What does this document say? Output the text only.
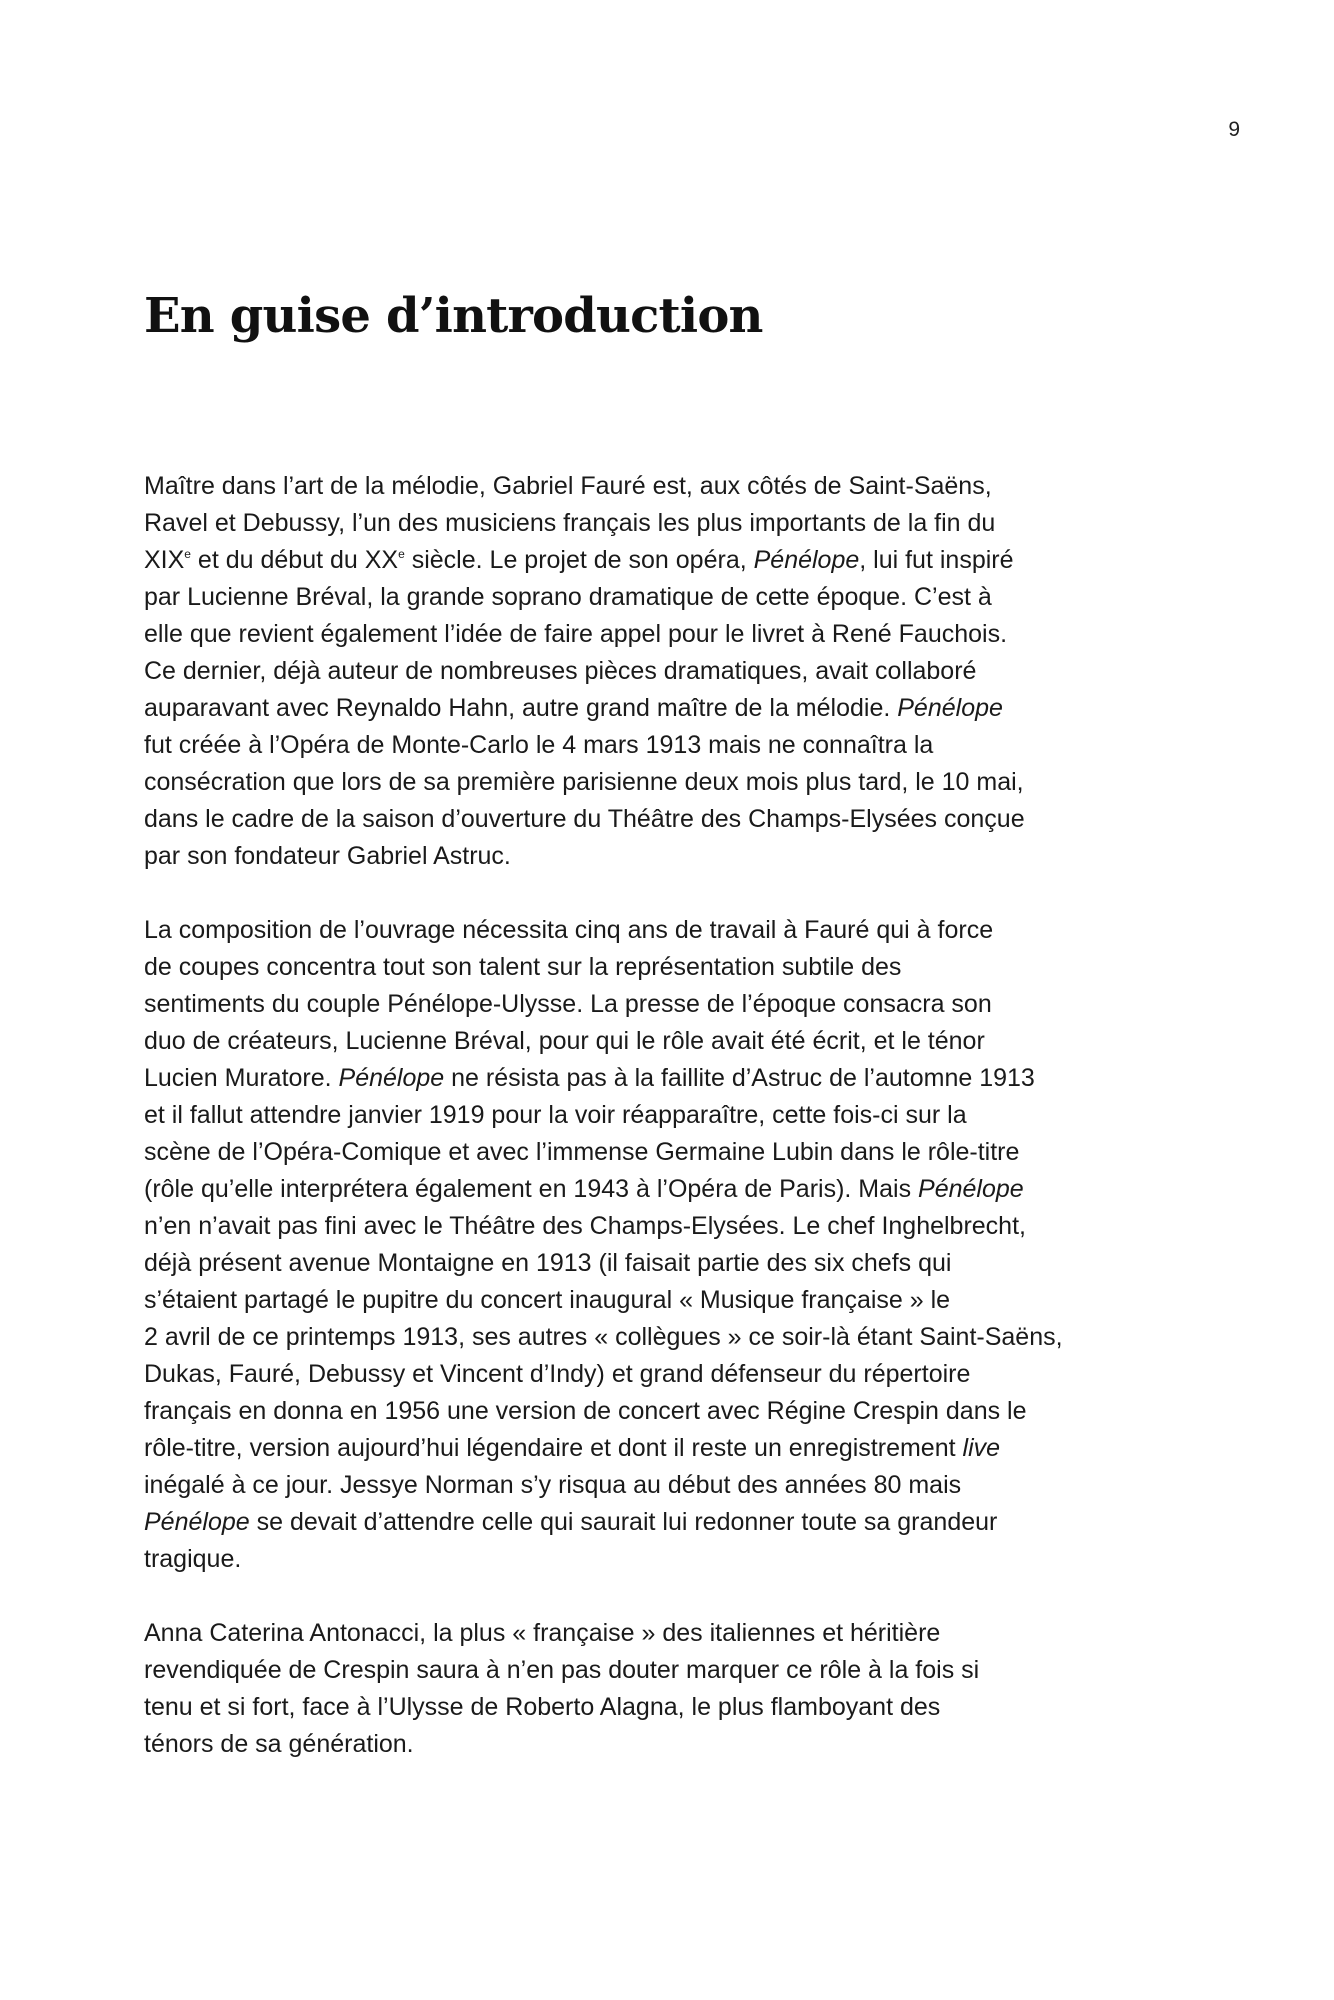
9
En guise d’introduction

Maître dans l’art de la mélodie, Gabriel Fauré est, aux côtés de Saint-Saëns,
Ravel et Debussy, l’un des musiciens français les plus importants de la fin du
XIXe et du début du XXe siècle. Le projet de son opéra, Pénélope, lui fut inspiré
par Lucienne Bréval, la grande soprano dramatique de cette époque. C’est à
elle que revient également l’idée de faire appel pour le livret à René Fauchois.
Ce dernier, déjà auteur de nombreuses pièces dramatiques, avait collaboré
auparavant avec Reynaldo Hahn, autre grand maître de la mélodie. Pénélope
fut créée à l’Opéra de Monte-Carlo le 4 mars 1913 mais ne connaîtra la
consécration que lors de sa première parisienne deux mois plus tard, le 10 mai,
dans le cadre de la saison d’ouverture du Théâtre des Champs-Elysées conçue
par son fondateur Gabriel Astruc.

La composition de l’ouvrage nécessita cinq ans de travail à Fauré qui à force
de coupes concentra tout son talent sur la représentation subtile des
sentiments du couple Pénélope-Ulysse. La presse de l’époque consacra son
duo de créateurs, Lucienne Bréval, pour qui le rôle avait été écrit, et le ténor
Lucien Muratore. Pénélope ne résista pas à la faillite d’Astruc de l’automne 1913
et il fallut attendre janvier 1919 pour la voir réapparaître, cette fois-ci sur la
scène de l’Opéra-Comique et avec l’immense Germaine Lubin dans le rôle-titre
(rôle qu’elle interprétera également en 1943 à l’Opéra de Paris). Mais Pénélope
n’en n’avait pas fini avec le Théâtre des Champs-Elysées. Le chef Inghelbrecht,
déjà présent avenue Montaigne en 1913 (il faisait partie des six chefs qui
s’étaient partagé le pupitre du concert inaugural « Musique française » le
2 avril de ce printemps 1913, ses autres « collègues » ce soir-là étant Saint-Saëns,
Dukas, Fauré, Debussy et Vincent d’Indy) et grand défenseur du répertoire
français en donna en 1956 une version de concert avec Régine Crespin dans le
rôle-titre, version aujourd’hui légendaire et dont il reste un enregistrement live
inégalé à ce jour. Jessye Norman s’y risqua au début des années 80 mais
Pénélope se devait d’attendre celle qui saurait lui redonner toute sa grandeur
tragique.

Anna Caterina Antonacci, la plus « française » des italiennes et héritière
revendiquée de Crespin saura à n’en pas douter marquer ce rôle à la fois si
tenu et si fort, face à l’Ulysse de Roberto Alagna, le plus flamboyant des
ténors de sa génération.
